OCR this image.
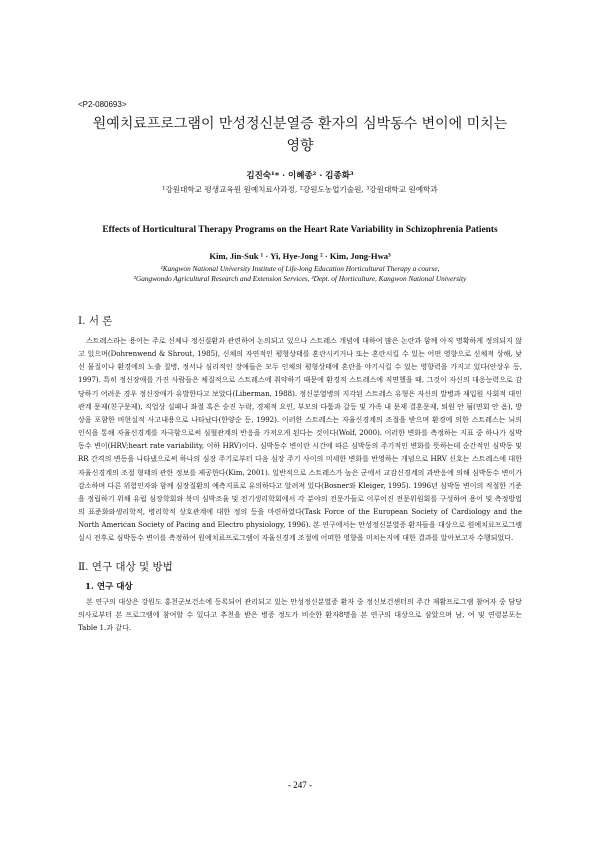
<P2-080693>

원예치료프로그램이 만성정신분열증 환자의 심박동수 변이에 미치는
영향

김진숙¹* · 이혜종² · 김종화³

¹강원대학교 평생교육원 원예치료사과정, ²강원도농업기술원, ³강원대학교 원예학과

Effects of Horticultural Therapy Programs on the Heart Rate Variability in Schizophrenia Patients

Kim, Jin-Suk ¹ · Yi, Hye-Jong ² · Kim, Jong-Hwa³

¹Kangwon National University Institute of Life-long Education Horticultural Therapy a course,

²Gangwondo Agricultural Research and Extension Services, ³Dept. of Horticulture, Kangwon National University

Ⅰ. 서 론

스트레스라는 용어는 주로 신체나 정신질환과 관련하여 논의되고 있으나 스트레스 개념에 대하여 많은 논란과 함께 아직 명확하게 정의되지 않고 있으며(Dohrenwend & Shrout, 1985), 신체의 자연적인 평형상태를 혼란시키거나 또는 혼란시킬 수 있는 어떤 영향으로 신체적 상해, 낯선 물질이나 환경에의 노출 질병, 정서나 심리적인 장애들은 모두 인체의 평형상태에 혼란을 야기시킬 수 있는 영향력을 가지고 있다(안상우 등, 1997). 특히 정신장애를 가진 사람들은 체질적으로 스트레스에 취약하기 때문에 환경적 스트레스에 직면했을 때, 그것이 자신의 대응능력으로 감당하기 어려운 경우 정신장애가 유발한다고 보았다(Liberman, 1988). 정신분열병의 지각된 스트레스 유형은 자신의 발병과 재입원 사회적 대인관계 문제(친구문제), 직업상 실패나 좌절 혹은 승진 누락, 경제적 요인, 부모의 다툼과 갈등 및 가족 내 문제 결혼문제, 퇴원 안 됨(면회 안 옴), 방상을 포함한 비현실적 사고내용으로 나타났다(한양순 등, 1992). 이러한 스트레스는 자율신경계의 조절을 받으며 환경에 의한 스트레스는 뇌의 인식을 통해 자율신경계를 자극함으로써 심혈관계의 반응을 가져오게 된다는 것이다(Wolf, 2000). 이러한 변화를 측정하는 지표 중 하나가 심박동수 변이(HRV;heart rate variability, 이하 HRV)이다. 심박동수 변이란 시간에 따른 심박동의 주기적인 변화를 뜻하는데 순간적인 심박동 및 RR 간격의 변동을 나타냈으로써 하나의 심장 주기로부터 다음 심장 주기 사이의 미세한 변화를 반영하는 개념으로 HRV 신호는 스트레스에 대한 자율신경계의 조절 형태의 관한 정보를 제공한다(Kim, 2001). 일반적으로 스트레스가 높은 군에서 교감신경계의 과반응에 의해 심박동수 변이가 감소하며 다른 위험인자와 함께 심장질환의 예측지표로 유의하다고 알려져 있다(Bosner와 Kleiger, 1995). 1996년 심박동 변이의 적절한 기준을 정립하기 위해 유럽 심장학회와 북미 심박조율 및 전기생리학회에서 각 분야의 전문가들로 이루어진 전문위원회를 구성하여 용어 및 측정방법의 표준화와생리학적, 병리학적 상호관계에 대한 정의 등을 마련하였다(Task Force of the European Society of Cardiology and the North American Society of Pacing and Electro physiology, 1996). 본 연구에서는 만성정신분열증 환자들을 대상으로 원예치료프로그램 실시 전후로 심박동수 변이를 측정하여 원예치료프로그램이 자율신경계 조절에 어떠한 영향을 미치는지에 대한 결과를 알아보고자 수행되었다.

Ⅱ. 연구 대상 및 방법
1. 연구 대상

본 연구의 대상은 강원도 홍천군보건소에 등록되어 관리되고 있는 만성정신분열증 환자 중 정신보건센터의 주간 재활프로그램 참여자 중 담당 의사로부터 본 프로그램에 참여할 수 있다고 추천을 받은 병증 정도가 비슷한 환자8명을 본 연구의 대상으로 삼았으며 남, 여 및 연령분포는 Table 1.과 같다.

- 247 -
